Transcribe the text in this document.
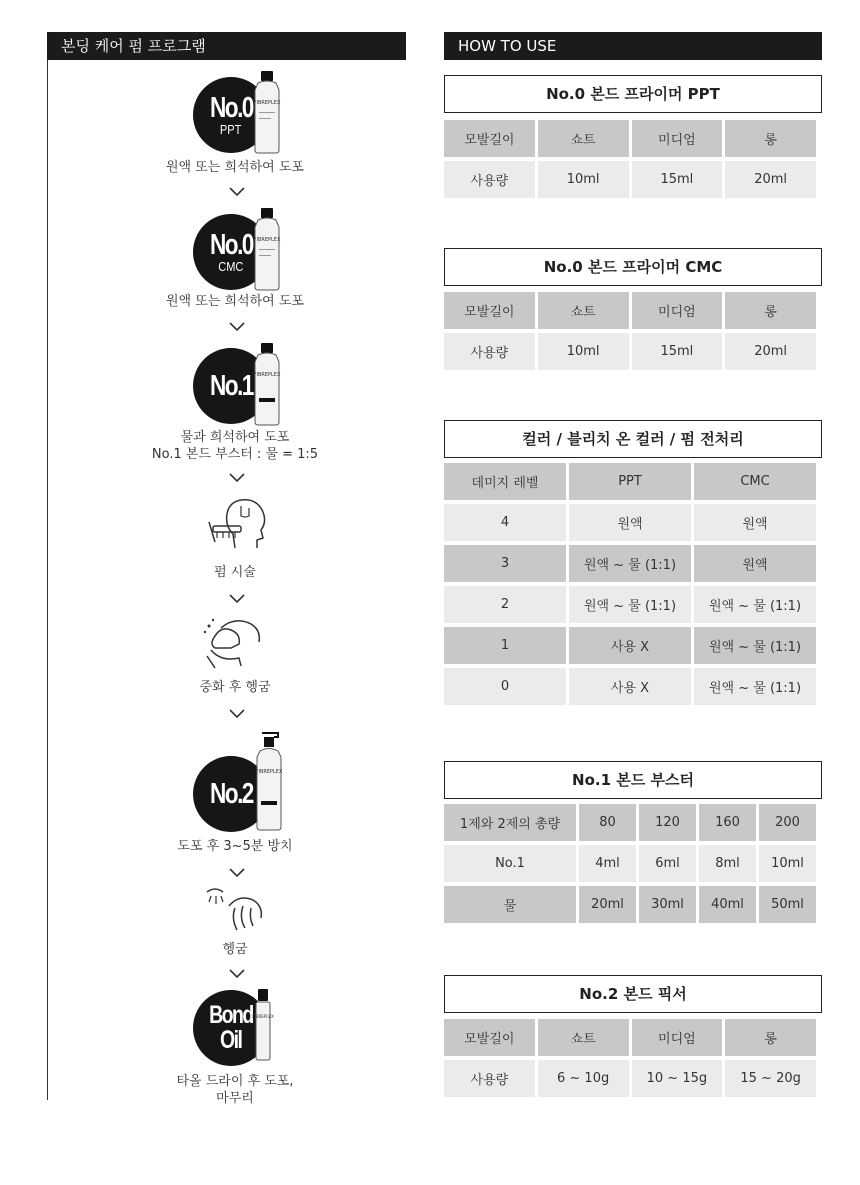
본딩 케어 펌 프로그램	HOW TO USE
No.0
PPT
FIBREPLEX
원액 또는 희석하여 도포
No.0
CMC
FIBREPLEX
원액 또는 희석하여 도포
No.1 FIBREPLEX
물과 희석하여 도포
No.1 본드 부스터 : 물 = 1:5
펌 시술
중화 후 헹굼
No.2
FIBREPLEX
도포 후 3~5분 방치
헹굼
Bond
Oil
FIBREPLEX
타올 드라이 후 도포,
마무리
No.0 본드 프라이머 PPT
모발길이	쇼트	미디엄	롱
사용량	10ml	15ml	20ml
No.0 본드 프라이머 CMC
모발길이	쇼트	미디엄	롱
사용량	10ml	15ml	20ml
컬러 / 블리치 온 컬러 / 펌 전처리
데미지 레벨	PPT	CMC
4	원액	원액
3	원액 ~ 물 (1:1)	원액
2	원액 ~ 물 (1:1)	원액 ~ 물 (1:1)
1	사용 X	원액 ~ 물 (1:1)
0	사용 X	원액 ~ 물 (1:1)
No.1 본드 부스터
1제와 2제의 총량	80	120	160	200
No.1	4ml	6ml	8ml	10ml
물	20ml	30ml	40ml	50ml
No.2 본드 픽서
모발길이	쇼트	미디엄	롱
사용량	6 ~ 10g	10 ~ 15g	15 ~ 20g
